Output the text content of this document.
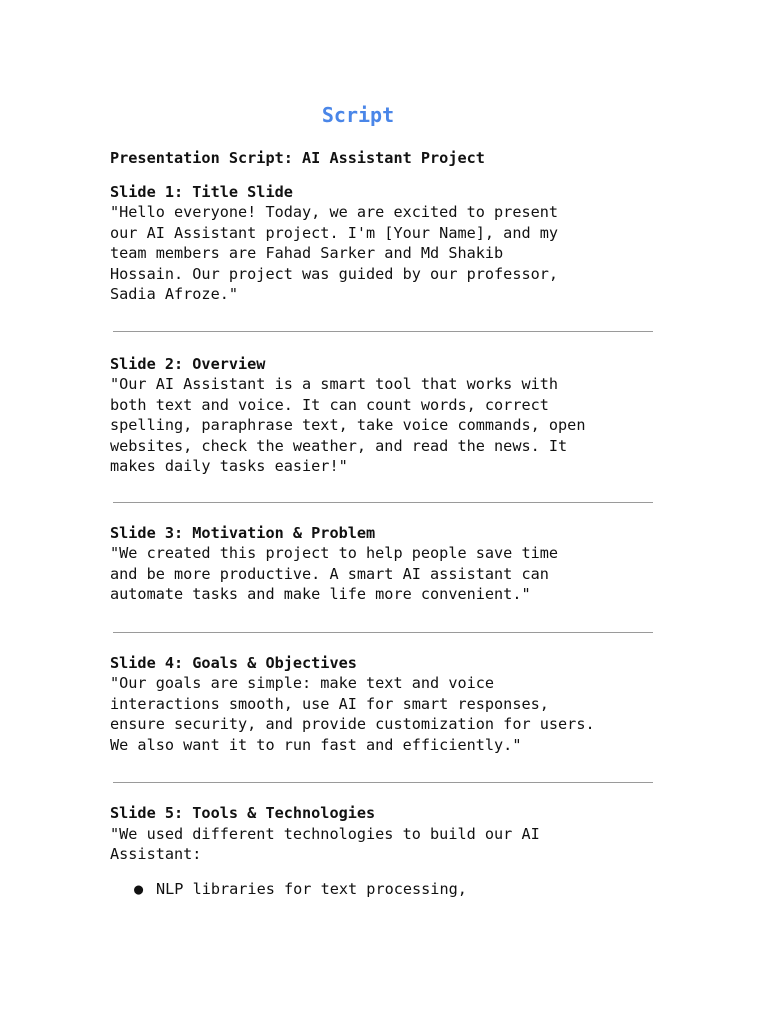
Script
Presentation Script: AI Assistant Project
Slide 1: Title Slide
"Hello everyone! Today, we are excited to present
our AI Assistant project. I'm [Your Name], and my
team members are Fahad Sarker and Md Shakib
Hossain. Our project was guided by our professor,
Sadia Afroze."
Slide 2: Overview
"Our AI Assistant is a smart tool that works with
both text and voice. It can count words, correct
spelling, paraphrase text, take voice commands, open
websites, check the weather, and read the news. It
makes daily tasks easier!"
Slide 3: Motivation & Problem
"We created this project to help people save time
and be more productive. A smart AI assistant can
automate tasks and make life more convenient."
Slide 4: Goals & Objectives
"Our goals are simple: make text and voice
interactions smooth, use AI for smart responses,
ensure security, and provide customization for users.
We also want it to run fast and efficiently."
Slide 5: Tools & Technologies
"We used different technologies to build our AI
Assistant:
● NLP libraries for text processing,
